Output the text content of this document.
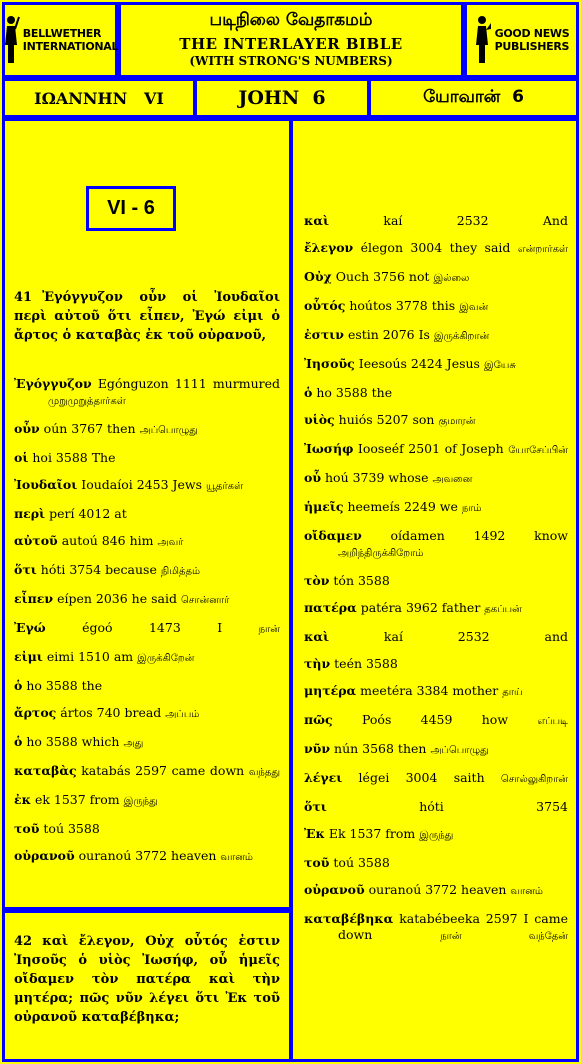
BELLWETHER
INTERNATIONAL
படிநிலை வேதாகமம்
THE INTERLAYER BIBLE
(WITH STRONG'S NUMBERS)
GOOD NEWS
PUBLISHERS
ΙΩΑΝΝΗΝ   VI	JOHN  6	யோவான்  6
VI - 6
41 Ἐγόγγυζον οὖν οἱ Ἰουδαῖοι περὶ αὐτοῦ ὅτι εἶπεν, Ἐγώ εἰμι ὁ ἄρτος ὁ καταβὰς ἐκ τοῦ οὐρανοῦ,
Ἐγόγγυζον Egónguzon 1111 murmured முறுமுறுத்தார்கள்
οὖν oún 3767 then அப்பொழுது
οἱ hoi 3588 The
Ἰουδαῖοι Ioudaíoi 2453 Jews யூதர்கள்
περὶ perí 4012 at
αὐτοῦ autoú 846 him அவர்
ὅτι hóti 3754 because நிமித்தம்
εἶπεν eípen 2036 he said சொன்னார்
Ἐγώ	égoó 1473 I	நான்
εἰμι eimi 1510 am இருக்கிறேன்
ὁ ho 3588 the
ἄρτος ártos 740 bread அப்பம்
ὁ ho 3588 which அது
καταβὰς katabás 2597 came down வந்தது
ἐκ ek 1537 from இருந்து
τοῦ toú 3588
οὐρανοῦ ouranoú 3772 heaven வானம்
42 καὶ ἔλεγον, Οὐχ οὗτός ἐστιν Ἰησοῦς ὁ υἱὸς Ἰωσήφ, οὗ ἡμεῖς οἴδαμεν τὸν πατέρα καὶ τὴν μητέρα; πῶς νῦν λέγει ὅτι Ἐκ τοῦ οὐρανοῦ καταβέβηκα;
καὶ	kaí 2532 And
ἔλεγον élegon 3004 they said என்றார்கள்
Οὐχ Ouch 3756 not இல்லை
οὗτός hoútos 3778 this இவன்
ἐστιν estin 2076 Is இருக்கிறான்
Ἰησοῦς Ieesoús 2424 Jesus இயேசு
ὁ ho 3588 the
υἱὸς huiós 5207 son குமாரன்
Ἰωσήφ Iooseéf 2501 of Joseph யோசேப்பின்
οὗ hoú 3739 whose அவனை
ἡμεῖς heemeís 2249 we நாம்
οἴδαμεν oídamen 1492 know அறிந்திருக்கிறோம்
τὸν tón 3588
πατέρα patéra 3962 father தகப்பன்
καὶ	kaí 2532 and
τὴν teén 3588
μητέρα meetéra 3384 mother தாய்
πῶς Poós 4459 how	எப்படி
νῦν nún 3568 then அப்பொழுது
λέγει légei 3004 saith சொல்லுகிறான்
ὅτι	hóti 3754
Ἐκ Ek 1537 from இருந்து
τοῦ toú 3588
οὐρανοῦ ouranoú 3772 heaven வானம்
καταβέβηκα katabébeeka 2597 I came down	நான் வந்தேன்
